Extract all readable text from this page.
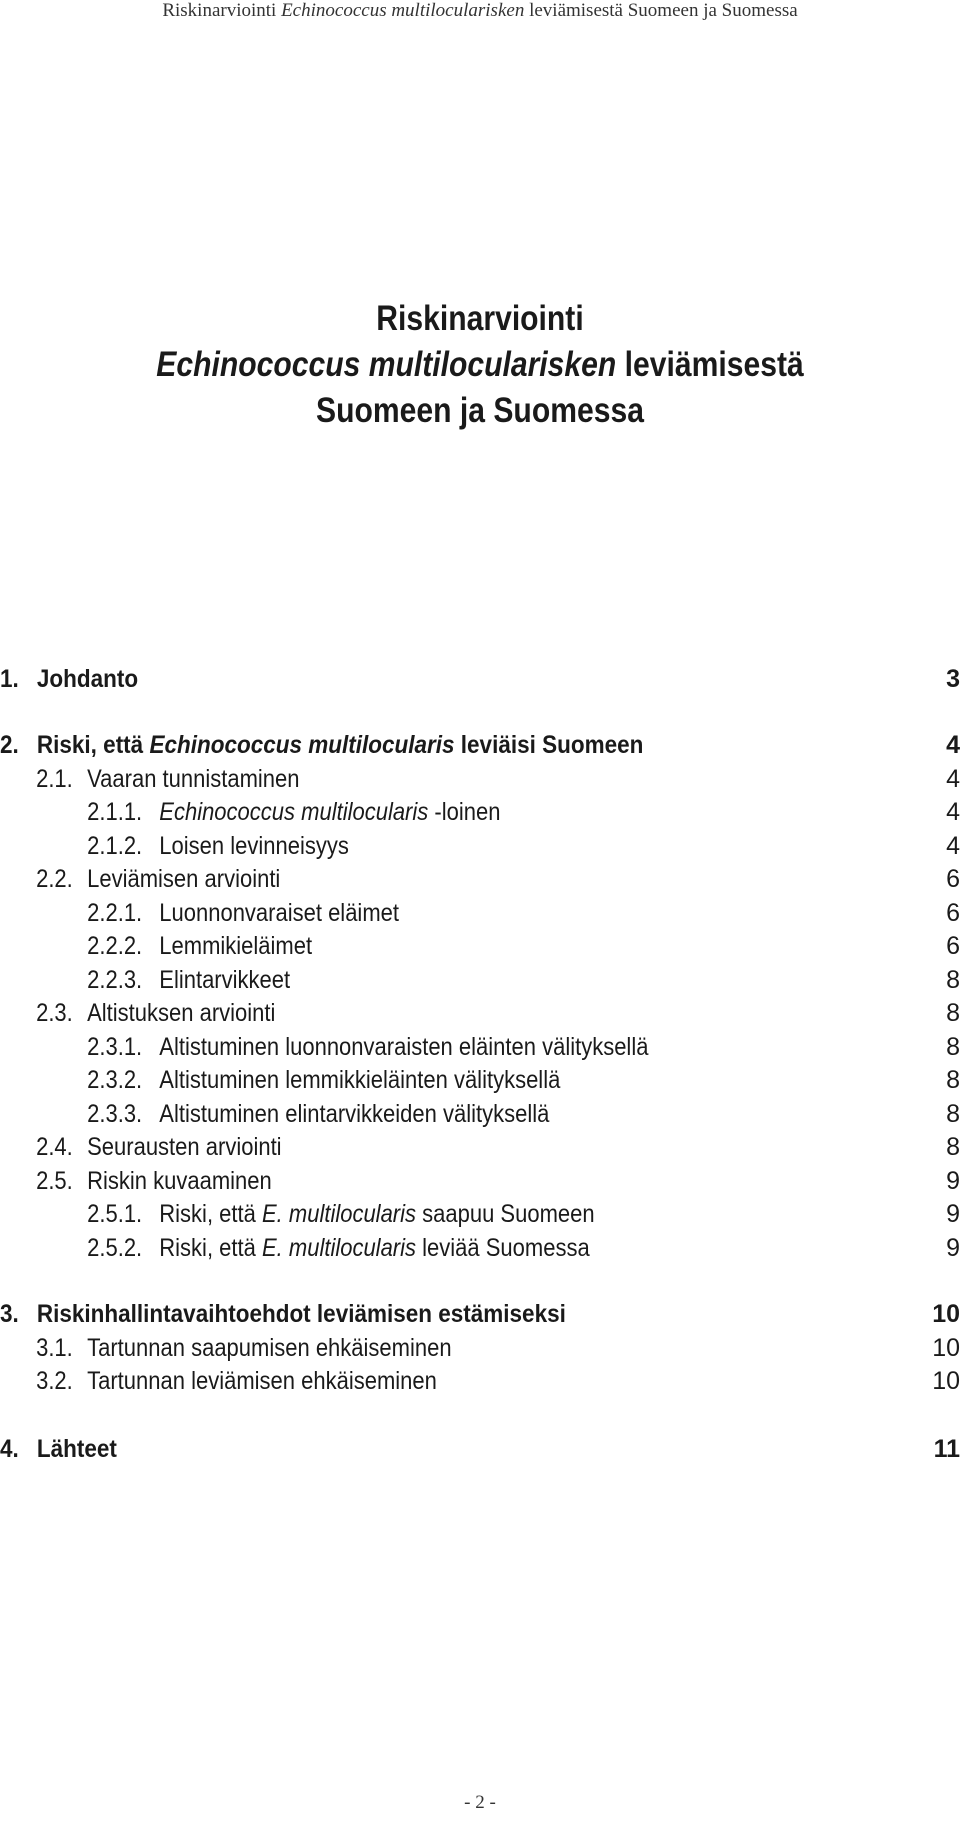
Riskinarviointi Echinococcus multilocularisken leviämisestä Suomeen ja Suomessa
Riskinarviointi
Echinococcus multilocularisken leviämisestä
Suomeen ja Suomessa
1. Johdanto	3
2. Riski, että Echinococcus multilocularis leviäisi Suomeen	4
2.1. Vaaran tunnistaminen	4
2.1.1. Echinococcus multilocularis -loinen	4
2.1.2. Loisen levinneisyys	4
2.2. Leviämisen arviointi	6
2.2.1. Luonnonvaraiset eläimet	6
2.2.2. Lemmikieläimet	6
2.2.3. Elintarvikkeet	8
2.3. Altistuksen arviointi	8
2.3.1. Altistuminen luonnonvaraisten eläinten välityksellä	8
2.3.2. Altistuminen lemmikkieläinten välityksellä	8
2.3.3. Altistuminen elintarvikkeiden välityksellä	8
2.4. Seurausten arviointi	8
2.5. Riskin kuvaaminen	9
2.5.1. Riski, että E. multilocularis saapuu Suomeen	9
2.5.2. Riski, että E. multilocularis leviää Suomessa	9
3. Riskinhallintavaihtoehdot leviämisen estämiseksi	10
3.1. Tartunnan saapumisen ehkäiseminen	10
3.2. Tartunnan leviämisen ehkäiseminen	10
4. Lähteet	11
- 2 -
